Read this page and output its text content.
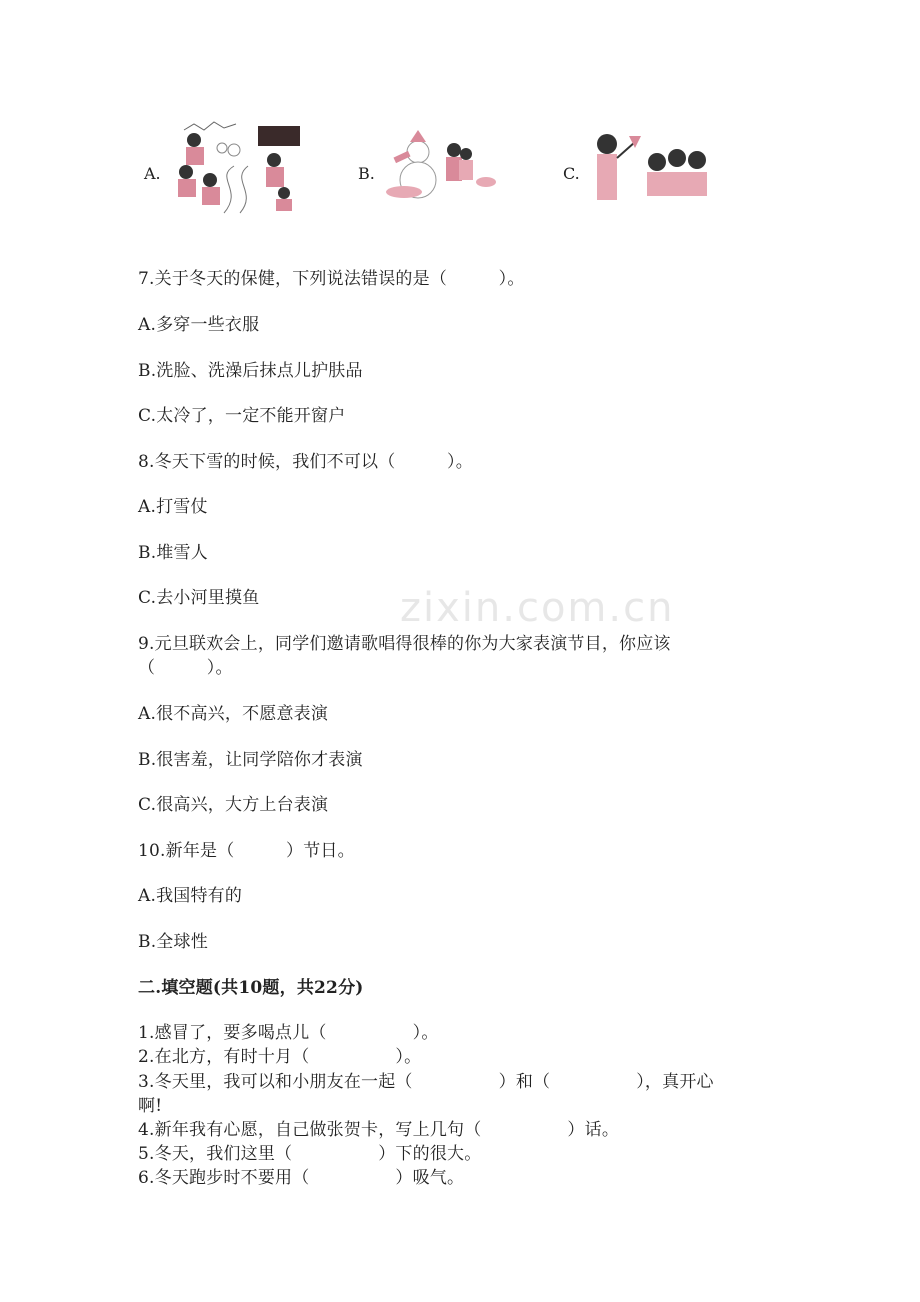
zixin.com.cn
A.	B.	C.
7.关于冬天的保健，下列说法错误的是（　　　）。
A.多穿一些衣服
B.洗脸、洗澡后抹点儿护肤品
C.太冷了，一定不能开窗户
8.冬天下雪的时候，我们不可以（　　　）。
A.打雪仗
B.堆雪人
C.去小河里摸鱼
9.元旦联欢会上，同学们邀请歌唱得很棒的你为大家表演节目，你应该
（　　　）。
A.很不高兴，不愿意表演
B.很害羞，让同学陪你才表演
C.很高兴，大方上台表演
10.新年是（　　　）节日。
A.我国特有的
B.全球性
二.填空题(共10题，共22分)
1.感冒了，要多喝点儿（　　　　　）。
2.在北方，有时十月（　　　　　）。
3.冬天里，我可以和小朋友在一起（　　　　　）和（　　　　　），真开心
啊!
4.新年我有心愿，自己做张贺卡，写上几句（　　　　　）话。
5.冬天，我们这里（　　　　　）下的很大。
6.冬天跑步时不要用（　　　　　）吸气。
